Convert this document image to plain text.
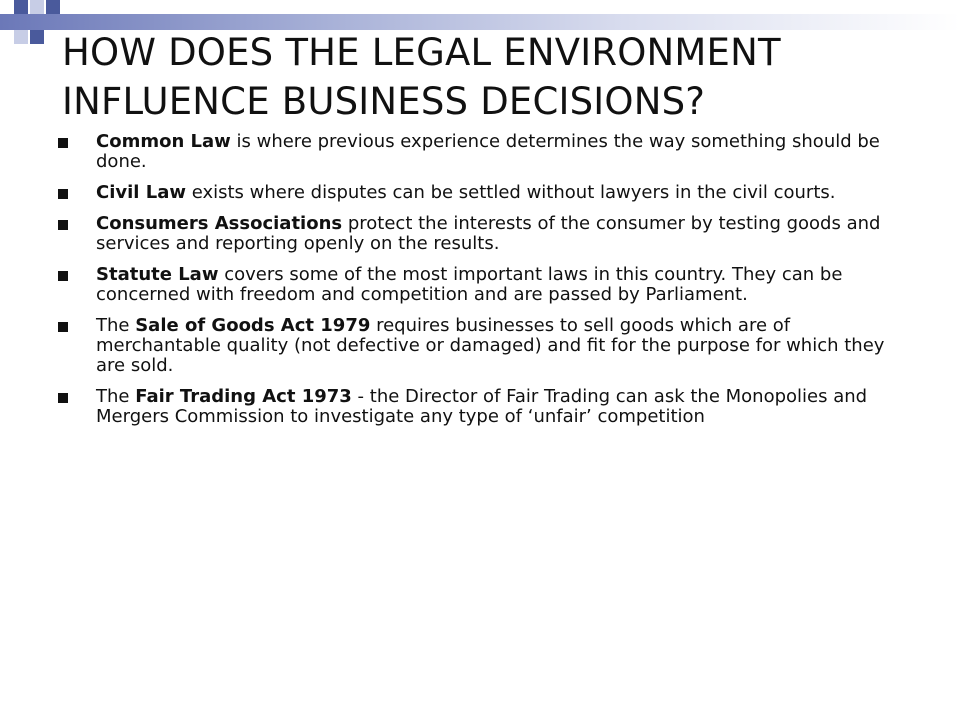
HOW DOES THE LEGAL ENVIRONMENT
INFLUENCE BUSINESS DECISIONS?
Common Law is where previous experience determines the way something should be done.
Civil Law exists where disputes can be settled without lawyers in the civil courts.
Consumers Associations protect the interests of the consumer by testing goods and services and reporting openly on the results.
Statute Law covers some of the most important laws in this country. They can be concerned with freedom and competition and are passed by Parliament.
The Sale of Goods Act 1979 requires businesses to sell goods which are of merchantable quality (not defective or damaged) and fit for the purpose for which they are sold.
The Fair Trading Act 1973 - the Director of Fair Trading can ask the Monopolies and Mergers Commission to investigate any type of ‘unfair’ competition
